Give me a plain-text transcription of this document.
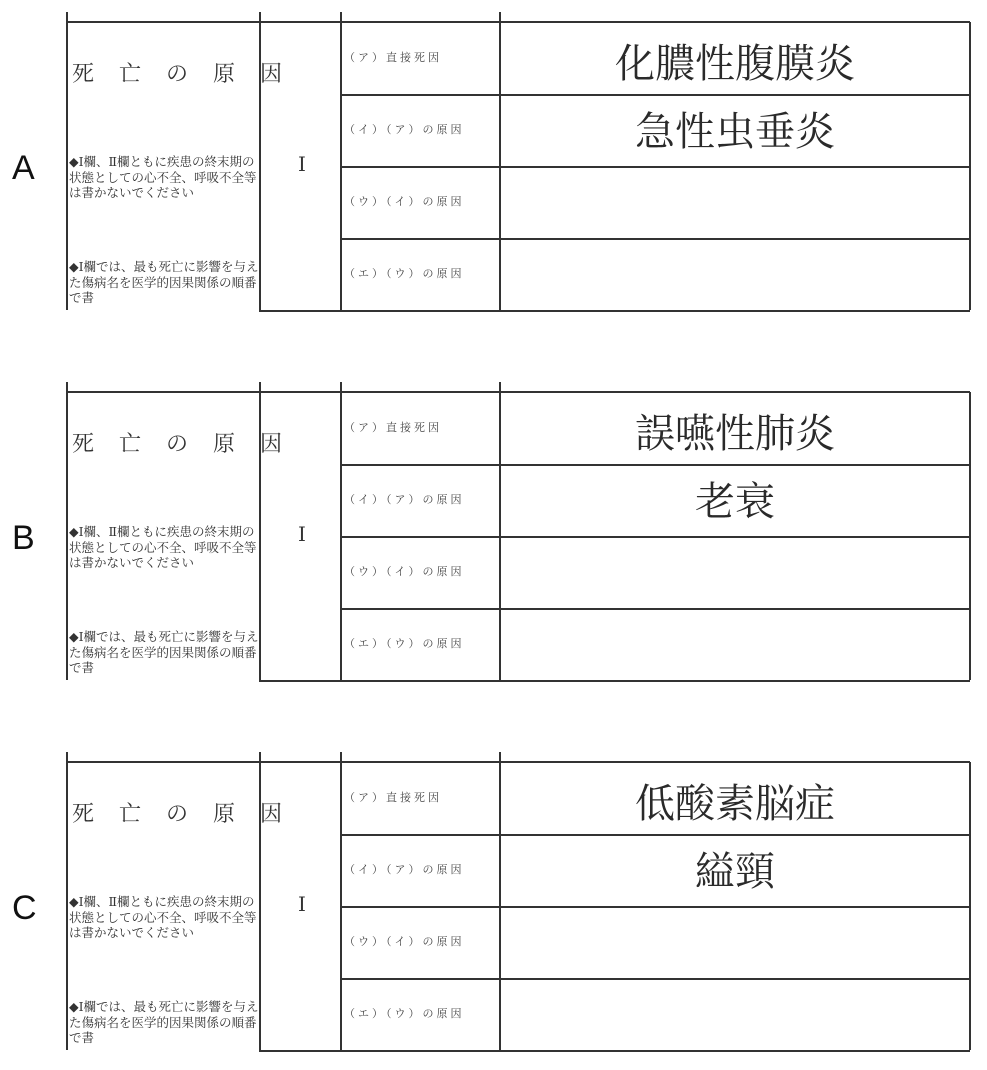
A
死 亡 の 原 因
◆Ⅰ欄、Ⅱ欄ともに疾患の終末期の状態としての心不全、呼吸不全等は書かないでください
◆Ⅰ欄では、最も死亡に影響を与えた傷病名を医学的因果関係の順番で書
Ⅰ
（ア）直接死因
（イ）（ア）の原因
（ウ）（イ）の原因
（エ）（ウ）の原因
化膿性腹膜炎
急性虫垂炎
B
死 亡 の 原 因
◆Ⅰ欄、Ⅱ欄ともに疾患の終末期の状態としての心不全、呼吸不全等は書かないでください
◆Ⅰ欄では、最も死亡に影響を与えた傷病名を医学的因果関係の順番で書
Ⅰ
（ア）直接死因
（イ）（ア）の原因
（ウ）（イ）の原因
（エ）（ウ）の原因
誤嚥性肺炎
老衰
C
死 亡 の 原 因
◆Ⅰ欄、Ⅱ欄ともに疾患の終末期の状態としての心不全、呼吸不全等は書かないでください
◆Ⅰ欄では、最も死亡に影響を与えた傷病名を医学的因果関係の順番で書
Ⅰ
（ア）直接死因
（イ）（ア）の原因
（ウ）（イ）の原因
（エ）（ウ）の原因
低酸素脳症
縊頸
